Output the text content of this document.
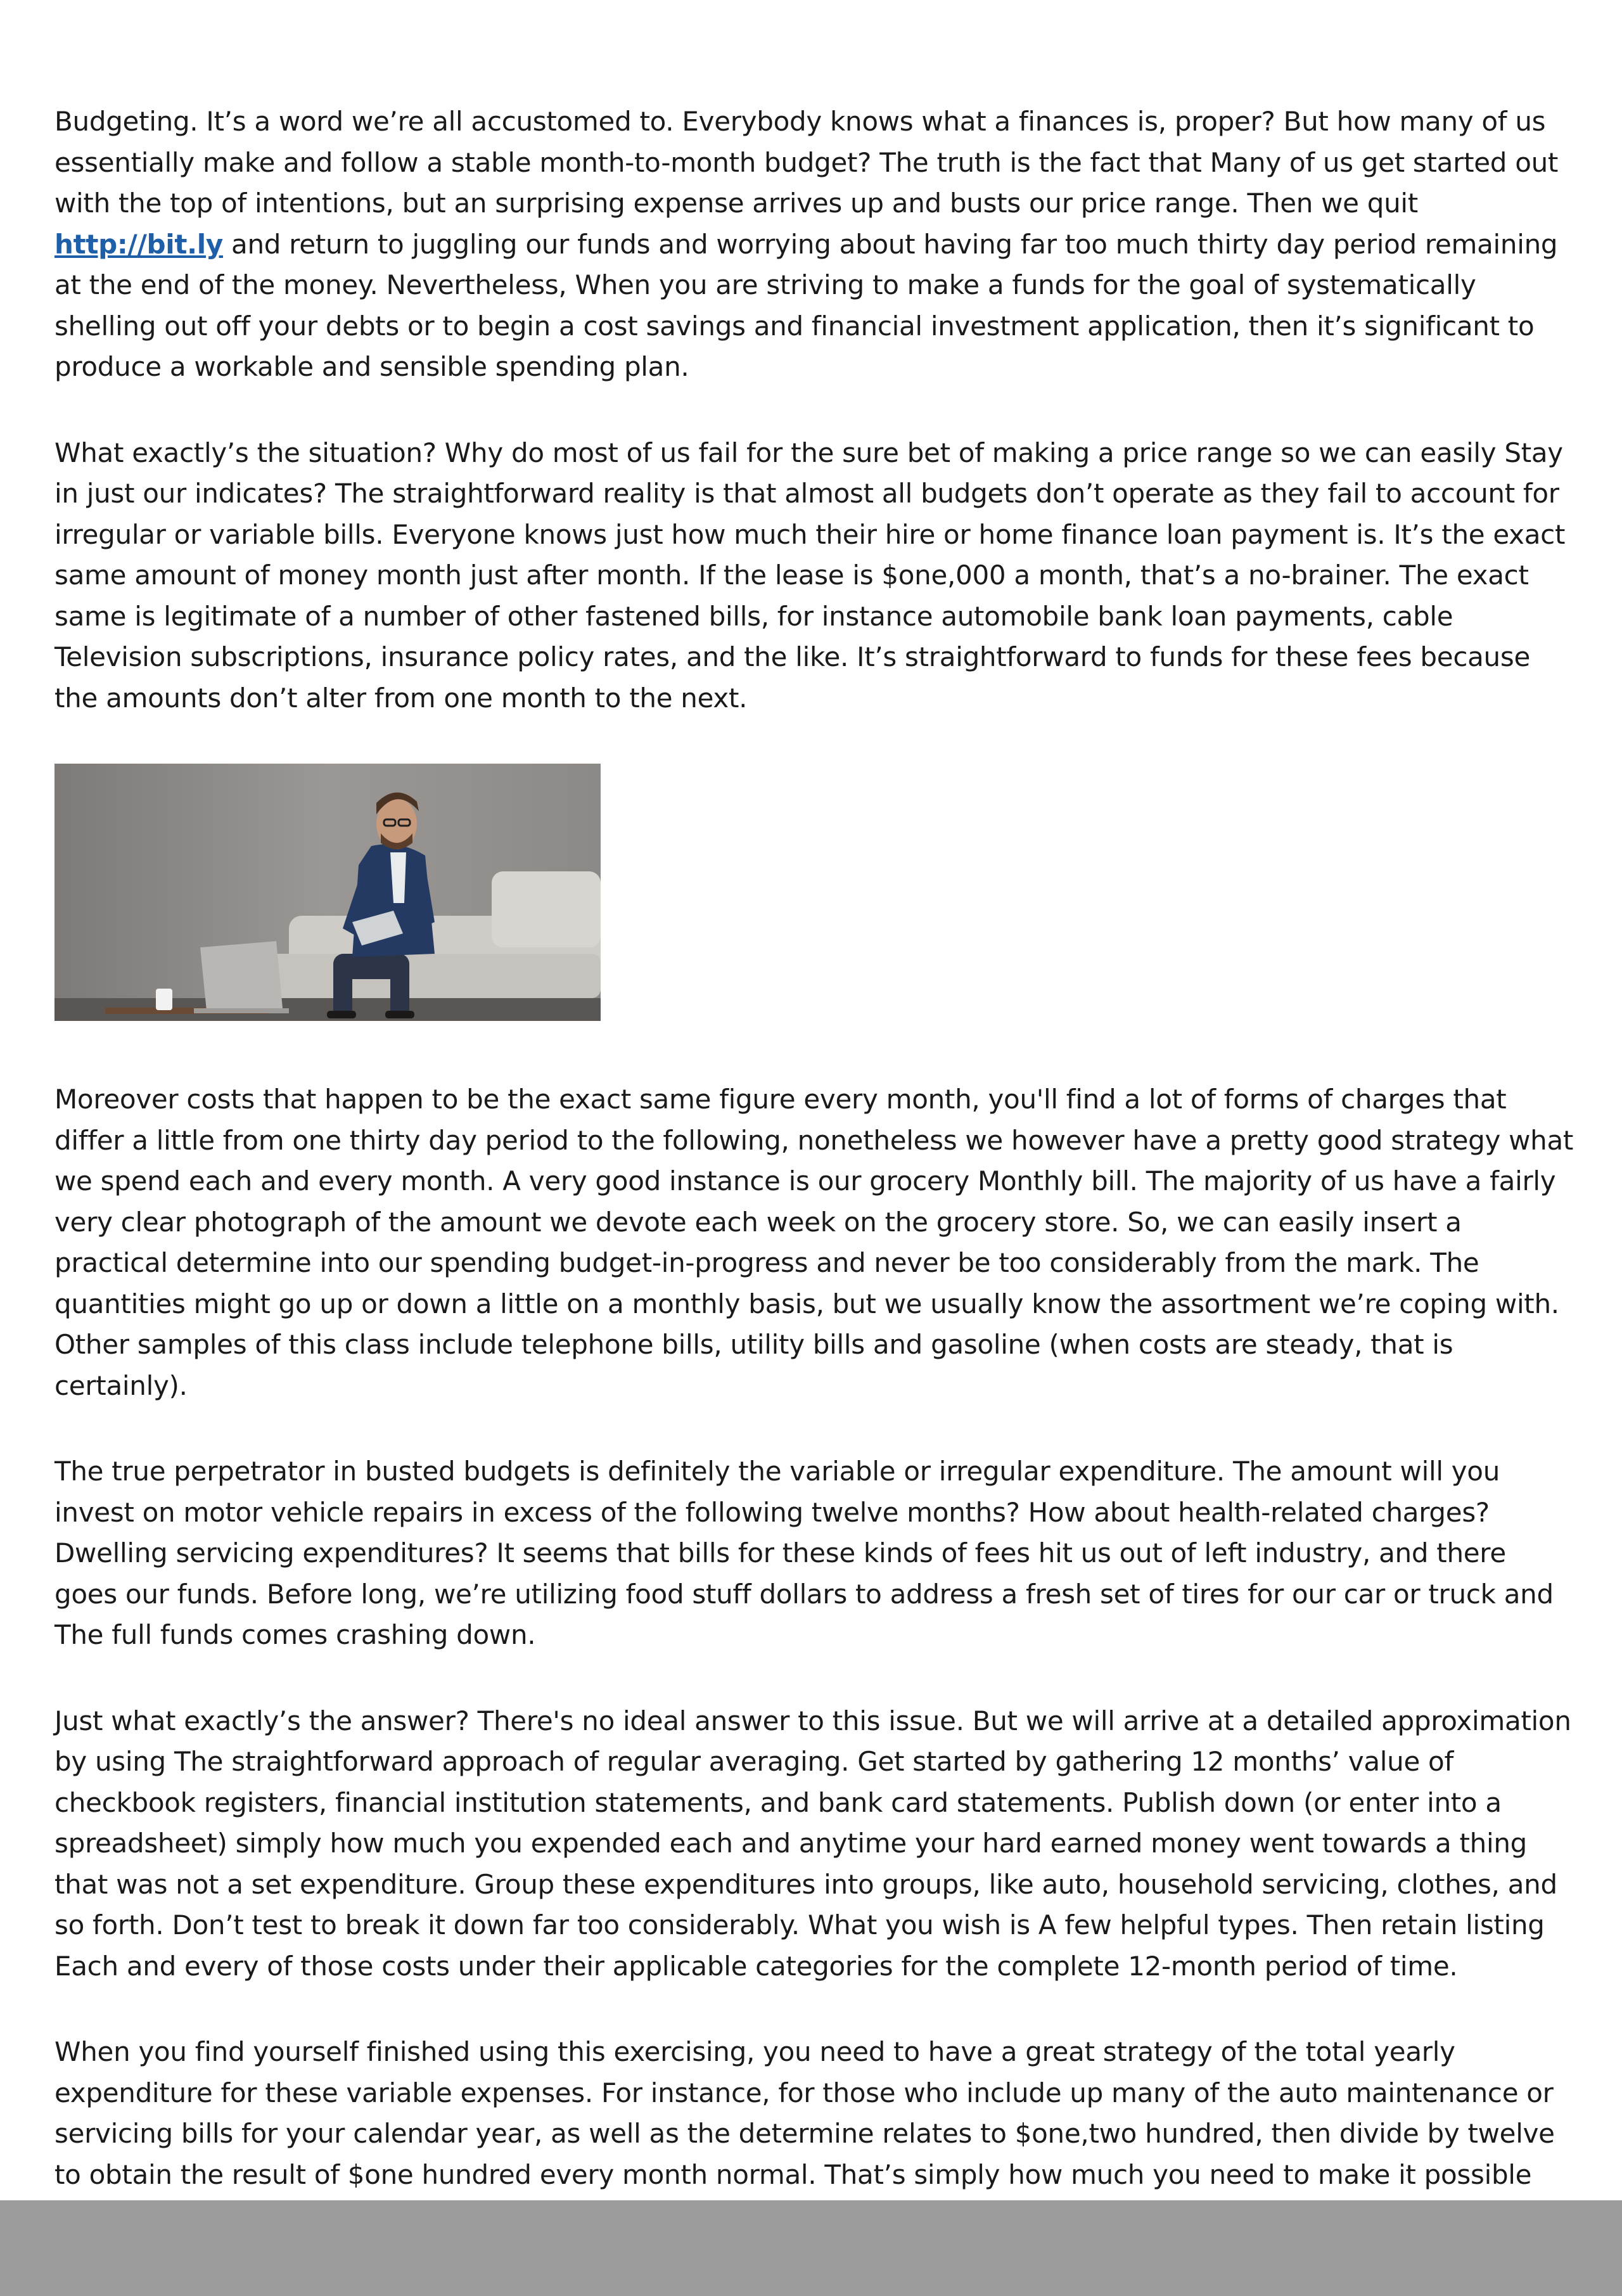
Budgeting. It’s a word we’re all accustomed to. Everybody knows what a finances is, proper? But how many of us essentially make and follow a stable month-to-month budget? The truth is the fact that Many of us get started out with the top of intentions, but an surprising expense arrives up and busts our price range. Then we quit http://bit.ly and return to juggling our funds and worrying about having far too much thirty day period remaining at the end of the money. Nevertheless, When you are striving to make a funds for the goal of systematically shelling out off your debts or to begin a cost savings and financial investment application, then it’s significant to produce a workable and sensible spending plan.

What exactly’s the situation? Why do most of us fail for the sure bet of making a price range so we can easily Stay in just our indicates? The straightforward reality is that almost all budgets don’t operate as they fail to account for irregular or variable bills. Everyone knows just how much their hire or home finance loan payment is. It’s the exact same amount of money month just after month. If the lease is $one,000 a month, that’s a no-brainer. The exact same is legitimate of a number of other fastened bills, for instance automobile bank loan payments, cable Television subscriptions, insurance policy rates, and the like. It’s straightforward to funds for these fees because the amounts don’t alter from one month to the next.

Moreover costs that happen to be the exact same figure every month, you'll find a lot of forms of charges that differ a little from one thirty day period to the following, nonetheless we however have a pretty good strategy what we spend each and every month. A very good instance is our grocery Monthly bill. The majority of us have a fairly very clear photograph of the amount we devote each week on the grocery store. So, we can easily insert a practical determine into our spending budget-in-progress and never be too considerably from the mark. The quantities might go up or down a little on a monthly basis, but we usually know the assortment we’re coping with. Other samples of this class include telephone bills, utility bills and gasoline (when costs are steady, that is certainly).

The true perpetrator in busted budgets is definitely the variable or irregular expenditure. The amount will you invest on motor vehicle repairs in excess of the following twelve months? How about health-related charges? Dwelling servicing expenditures? It seems that bills for these kinds of fees hit us out of left industry, and there goes our funds. Before long, we’re utilizing food stuff dollars to address a fresh set of tires for our car or truck and The full funds comes crashing down.

Just what exactly’s the answer? There's no ideal answer to this issue. But we will arrive at a detailed approximation by using The straightforward approach of regular averaging. Get started by gathering 12 months’ value of checkbook registers, financial institution statements, and bank card statements. Publish down (or enter into a spreadsheet) simply how much you expended each and anytime your hard earned money went towards a thing that was not a set expenditure. Group these expenditures into groups, like auto, household servicing, clothes, and so forth. Don’t test to break it down far too considerably. What you wish is A few helpful types. Then retain listing Each and every of those costs under their applicable categories for the complete 12-month period of time.

When you find yourself finished using this exercising, you need to have a great strategy of the total yearly expenditure for these variable expenses. For instance, for those who include up many of the auto maintenance or servicing bills for your calendar year, as well as the determine relates to $one,two hundred, then divide by twelve to obtain the result of $one hundred every month normal. That’s simply how much you need to make it possible
